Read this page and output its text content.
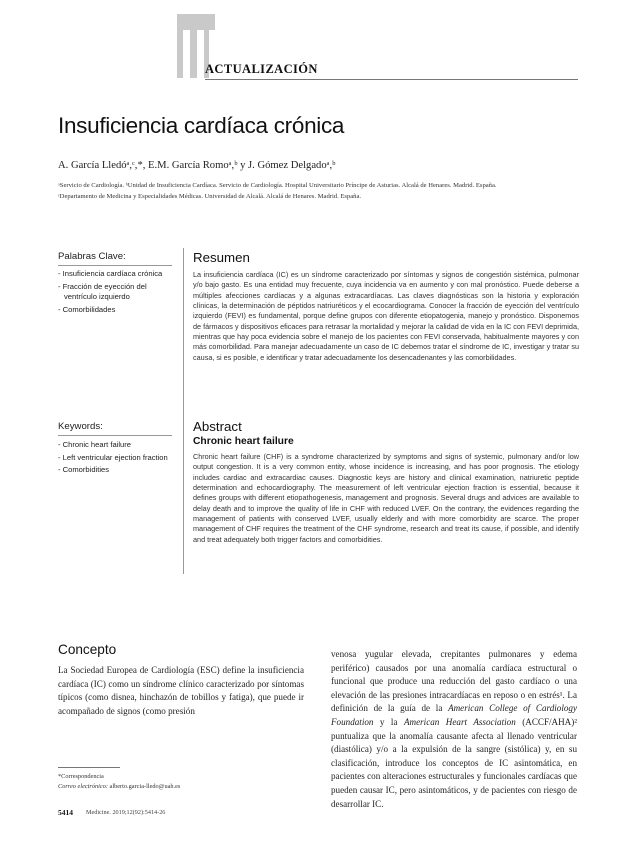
ACTUALIZACIÓN
Insuficiencia cardíaca crónica
A. García Lledóᵃ,ᶜ,*, E.M. García Romoᵃ,ᵇ y J. Gómez Delgadoᵃ,ᵇ
ᵃServicio de Cardiología. ᵇUnidad de Insuficiencia Cardíaca. Servicio de Cardiología. Hospital Universitario Príncipe de Asturias. Alcalá de Henares. Madrid. España.
ᶜDepartamento de Medicina y Especialidades Médicas. Universidad de Alcalá. Alcalá de Henares. Madrid. España.
Palabras Clave:
- Insuficiencia cardíaca crónica
- Fracción de eyección del ventrículo izquierdo
- Comorbilidades
Keywords:
- Chronic heart failure
- Left ventricular ejection fraction
- Comorbidities
Resumen
La insuficiencia cardíaca (IC) es un síndrome caracterizado por síntomas y signos de congestión sistémica, pulmonar y/o bajo gasto. Es una entidad muy frecuente, cuya incidencia va en aumento y con mal pronóstico. Puede deberse a múltiples afecciones cardíacas y a algunas extracardíacas. Las claves diagnósticas son la historia y exploración clínicas, la determinación de péptidos natriuréticos y el ecocardiograma. Conocer la fracción de eyección del ventrículo izquierdo (FEVI) es fundamental, porque define grupos con diferente etiopatogenia, manejo y pronóstico. Disponemos de fármacos y dispositivos eficaces para retrasar la mortalidad y mejorar la calidad de vida en la IC con FEVI deprimida, mientras que hay poca evidencia sobre el manejo de los pacientes con FEVI conservada, habitualmente mayores y con más comorbilidad. Para manejar adecuadamente un caso de IC debemos tratar el síndrome de IC, investigar y tratar su causa, si es posible, e identificar y tratar adecuadamente los desencadenantes y las comorbilidades.
Abstract
Chronic heart failure
Chronic heart failure (CHF) is a syndrome characterized by symptoms and signs of systemic, pulmonary and/or low output congestion. It is a very common entity, whose incidence is increasing, and has poor prognosis. The etiology includes cardiac and extracardiac causes. Diagnostic keys are history and clinical examination, natriuretic peptide determination and echocardiography. The measurement of left ventricular ejection fraction is essential, because it defines groups with different etiopathogenesis, management and prognosis. Several drugs and advices are available to delay death and to improve the quality of life in CHF with reduced LVEF. On the contrary, the evidences regarding the management of patients with conserved LVEF, usually elderly and with more comorbidity are scarce. The proper management of CHF requires the treatment of the CHF syndrome, research and treat its cause, if possible, and identify and treat adequately both trigger factors and comorbidities.
Concepto

La Sociedad Europea de Cardiología (ESC) define la insuficiencia cardíaca (IC) como un síndrome clínico caracterizado por síntomas típicos (como disnea, hinchazón de tobillos y fatiga), que puede ir acompañado de signos (como presión

venosa yugular elevada, crepitantes pulmonares y edema periférico) causados por una anomalía cardíaca estructural o funcional que produce una reducción del gasto cardíaco o una elevación de las presiones intracardíacas en reposo o en estrés¹. La definición de la guía de la American College of Cardiology Foundation y la American Heart Association (ACCF/AHA)² puntualiza que la anomalía causante afecta al llenado ventricular (diastólica) y/o a la expulsión de la sangre (sistólica) y, en su clasificación, introduce los conceptos de IC asintomática, en pacientes con alteraciones estructurales y funcionales cardíacas que pueden causar IC, pero asintomáticos, y de pacientes con riesgo de desarrollar IC.

*Correspondencia
Correo electrónico: alberto.garcia-lledo@uah.es
5414 Medicine. 2019;12(92):5414-26
